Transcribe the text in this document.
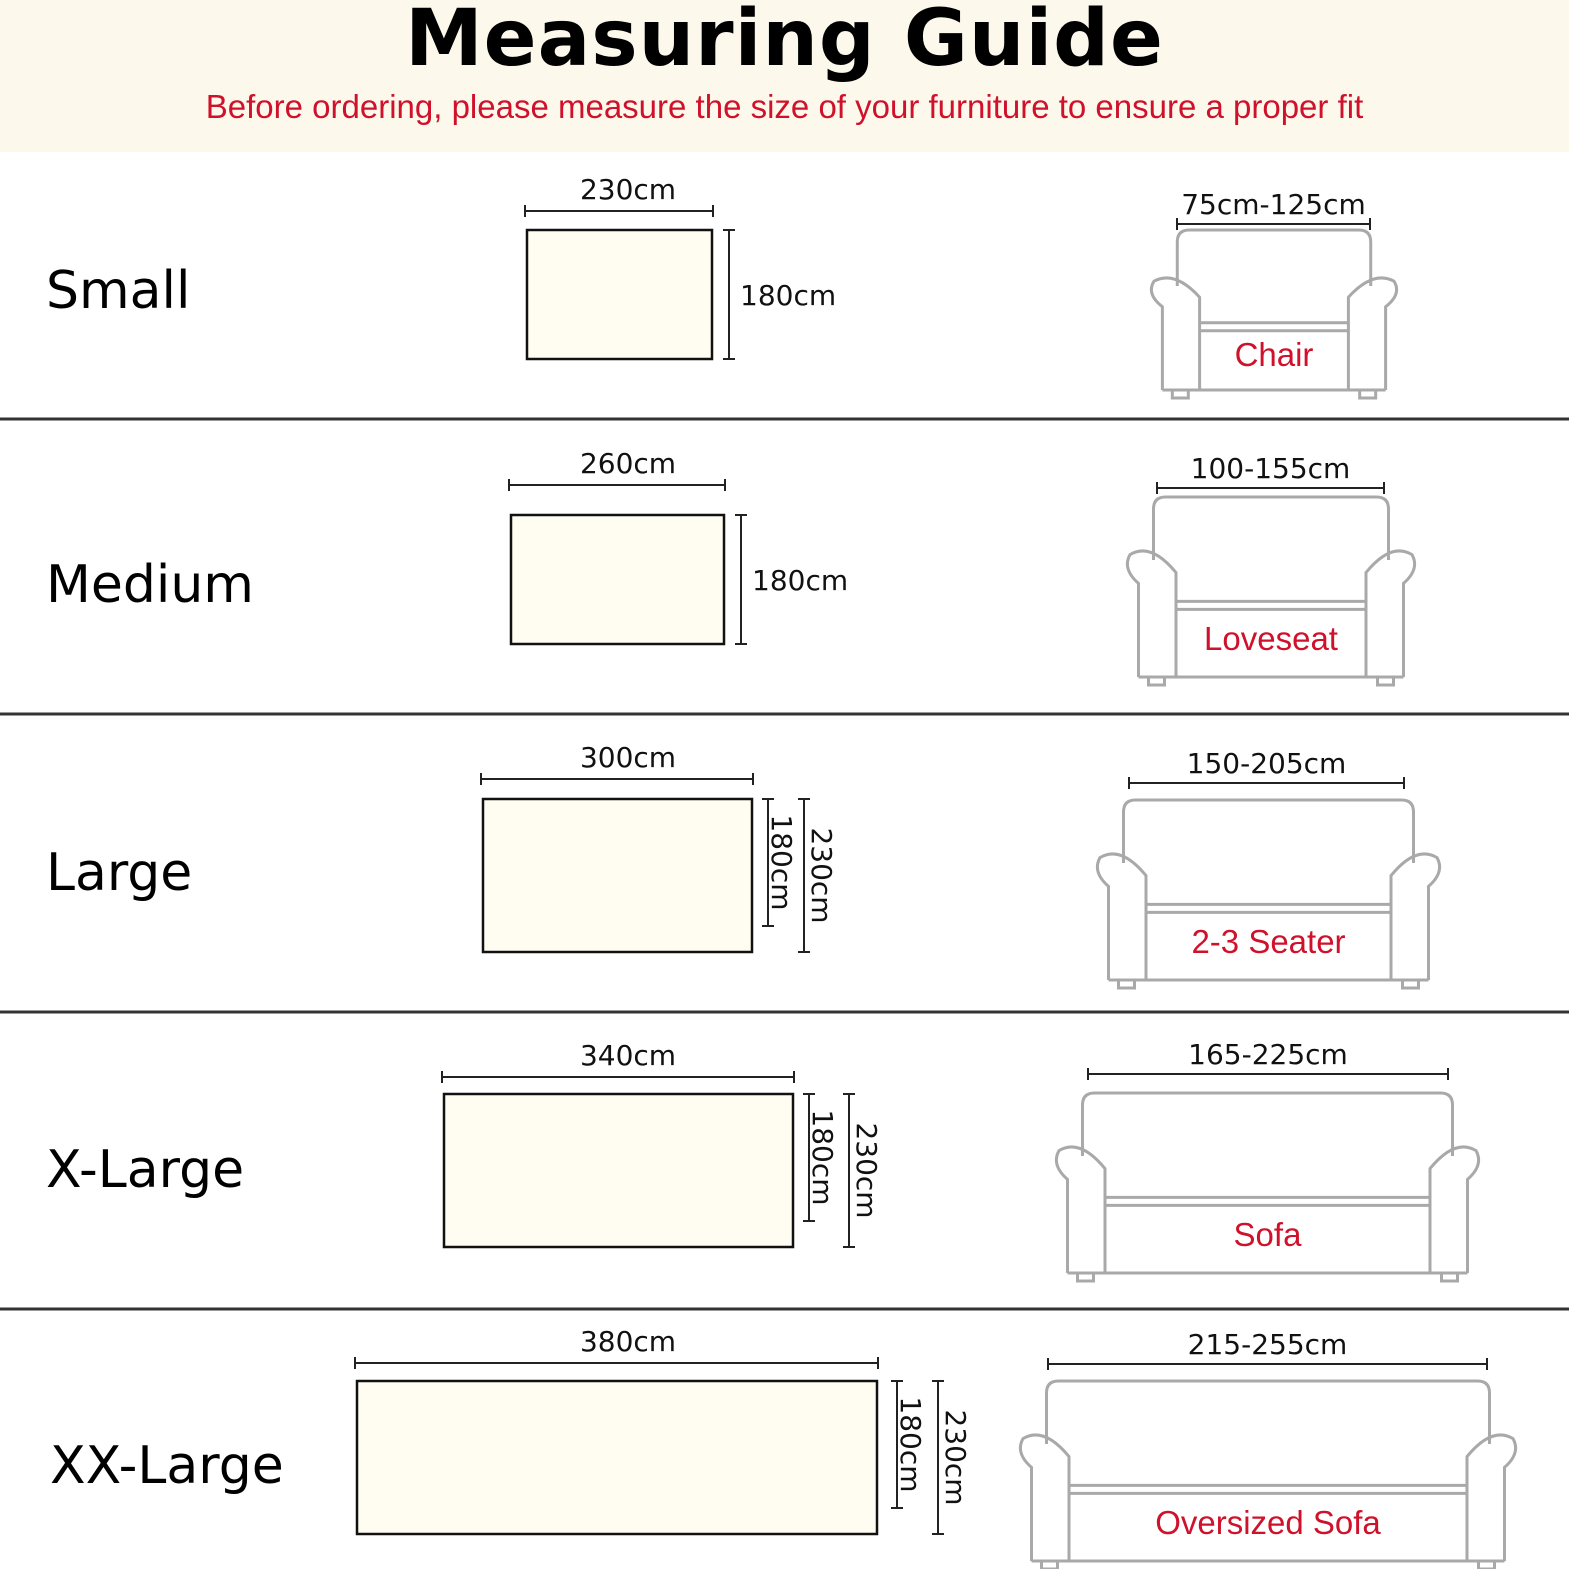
Measuring Guide
Before ordering, please measure the size of your furniture to ensure a proper fit
Small
230cm
180cm
75cm-125cm
Chair
Medium
260cm
180cm
100-155cm
Loveseat
Large
300cm
180cm 230cm
150-205cm
2-3 Seater
X-Large
340cm
180cm 230cm
165-225cm
Sofa
XX-Large
380cm
180cm 230cm
215-255cm
Oversized Sofa
